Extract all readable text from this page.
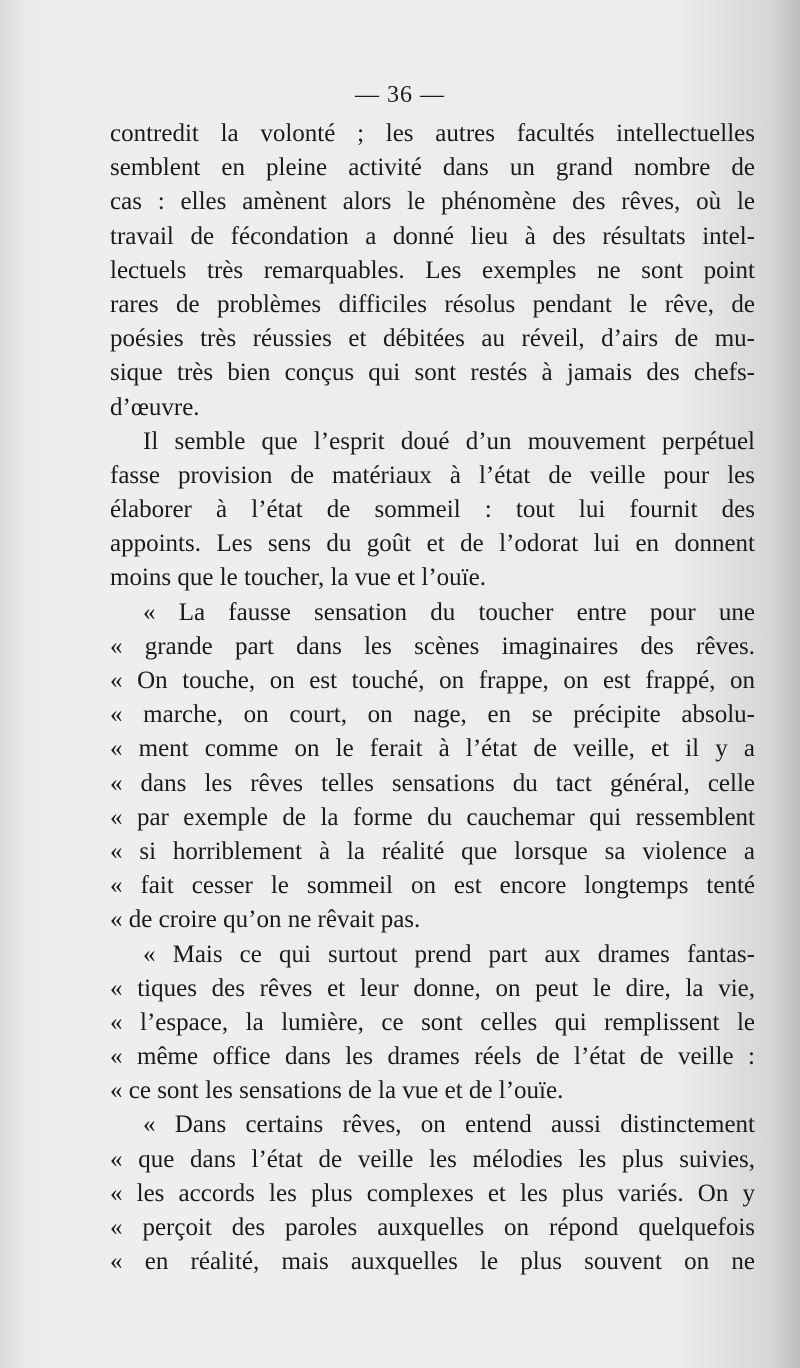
— 36 —
contredit la volonté ; les autres facultés intellectuelles
semblent en pleine activité dans un grand nombre de
cas : elles amènent alors le phénomène des rêves, où le
travail de fécondation a donné lieu à des résultats intel-
lectuels très remarquables. Les exemples ne sont point
rares de problèmes difficiles résolus pendant le rêve, de
poésies très réussies et débitées au réveil, d’airs de mu-
sique très bien conçus qui sont restés à jamais des chefs-
d’œuvre.
Il semble que l’esprit doué d’un mouvement perpétuel
fasse provision de matériaux à l’état de veille pour les
élaborer à l’état de sommeil : tout lui fournit des
appoints. Les sens du goût et de l’odorat lui en donnent
moins que le toucher, la vue et l’ouïe.
« La fausse sensation du toucher entre pour une
« grande part dans les scènes imaginaires des rêves.
« On touche, on est touché, on frappe, on est frappé, on
« marche, on court, on nage, en se précipite absolu-
« ment comme on le ferait à l’état de veille, et il y a
« dans les rêves telles sensations du tact général, celle
« par exemple de la forme du cauchemar qui ressemblent
« si horriblement à la réalité que lorsque sa violence a
« fait cesser le sommeil on est encore longtemps tenté
« de croire qu’on ne rêvait pas.
« Mais ce qui surtout prend part aux drames fantas-
« tiques des rêves et leur donne, on peut le dire, la vie,
« l’espace, la lumière, ce sont celles qui remplissent le
« même office dans les drames réels de l’état de veille :
« ce sont les sensations de la vue et de l’ouïe.
« Dans certains rêves, on entend aussi distinctement
« que dans l’état de veille les mélodies les plus suivies,
« les accords les plus complexes et les plus variés. On y
« perçoit des paroles auxquelles on répond quelquefois
« en réalité, mais auxquelles le plus souvent on ne
